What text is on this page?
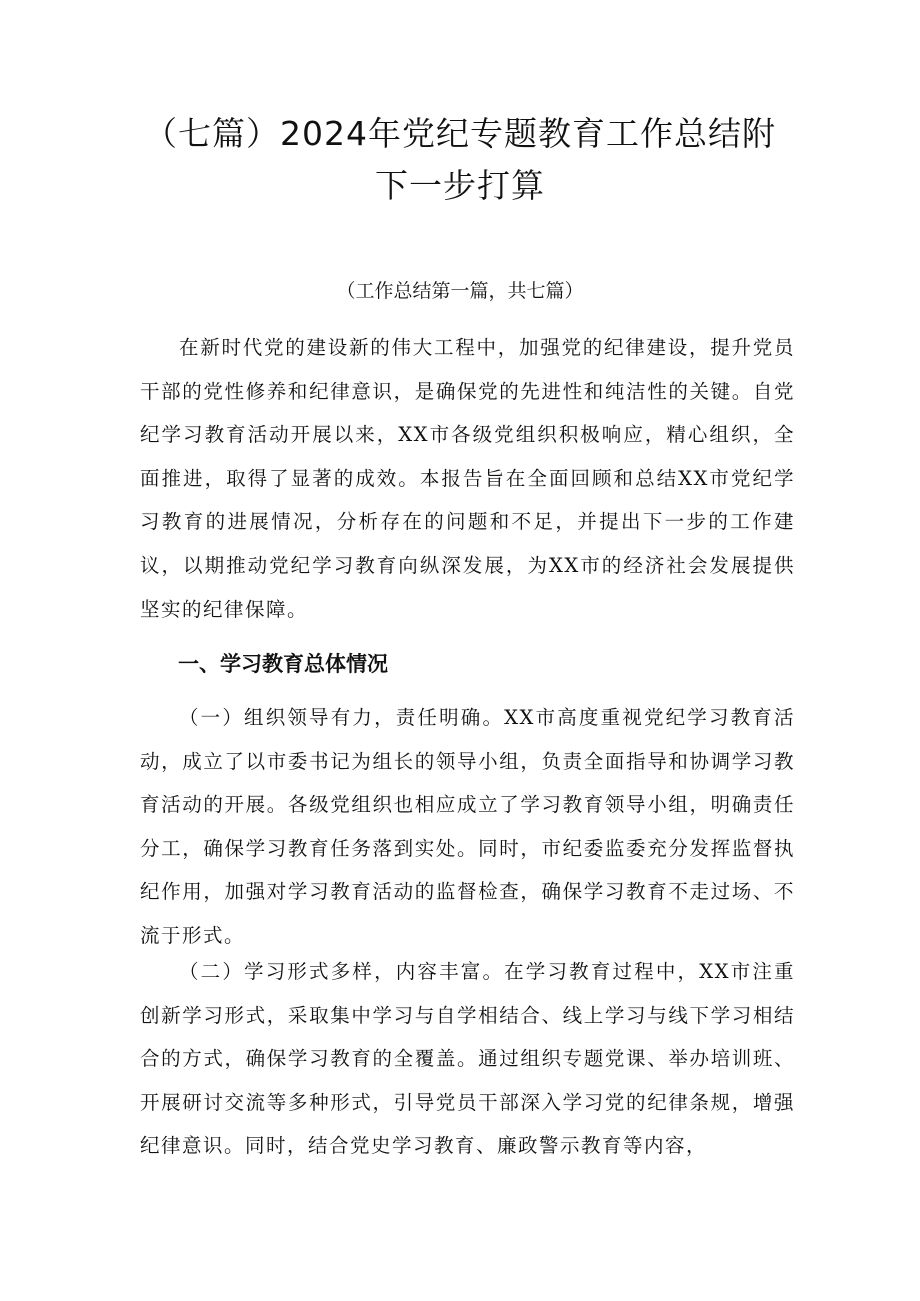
（七篇）2024年党纪专题教育工作总结附
下一步打算
（工作总结第一篇，共七篇）

在新时代党的建设新的伟大工程中，加强党的纪律建设，提升党员干部的党性修养和纪律意识，是确保党的先进性和纯洁性的关键。自党纪学习教育活动开展以来，XX市各级党组织积极响应，精心组织，全面推进，取得了显著的成效。本报告旨在全面回顾和总结XX市党纪学习教育的进展情况，分析存在的问题和不足，并提出下一步的工作建议，以期推动党纪学习教育向纵深发展，为XX市的经济社会发展提供坚实的纪律保障。

一、学习教育总体情况

（一）组织领导有力，责任明确。XX市高度重视党纪学习教育活动，成立了以市委书记为组长的领导小组，负责全面指导和协调学习教育活动的开展。各级党组织也相应成立了学习教育领导小组，明确责任分工，确保学习教育任务落到实处。同时，市纪委监委充分发挥监督执纪作用，加强对学习教育活动的监督检查，确保学习教育不走过场、不流于形式。

（二）学习形式多样，内容丰富。在学习教育过程中，XX市注重创新学习形式，采取集中学习与自学相结合、线上学习与线下学习相结合的方式，确保学习教育的全覆盖。通过组织专题党课、举办培训班、开展研讨交流等多种形式，引导党员干部深入学习党的纪律条规，增强纪律意识。同时，结合党史学习教育、廉政警示教育等内容，
